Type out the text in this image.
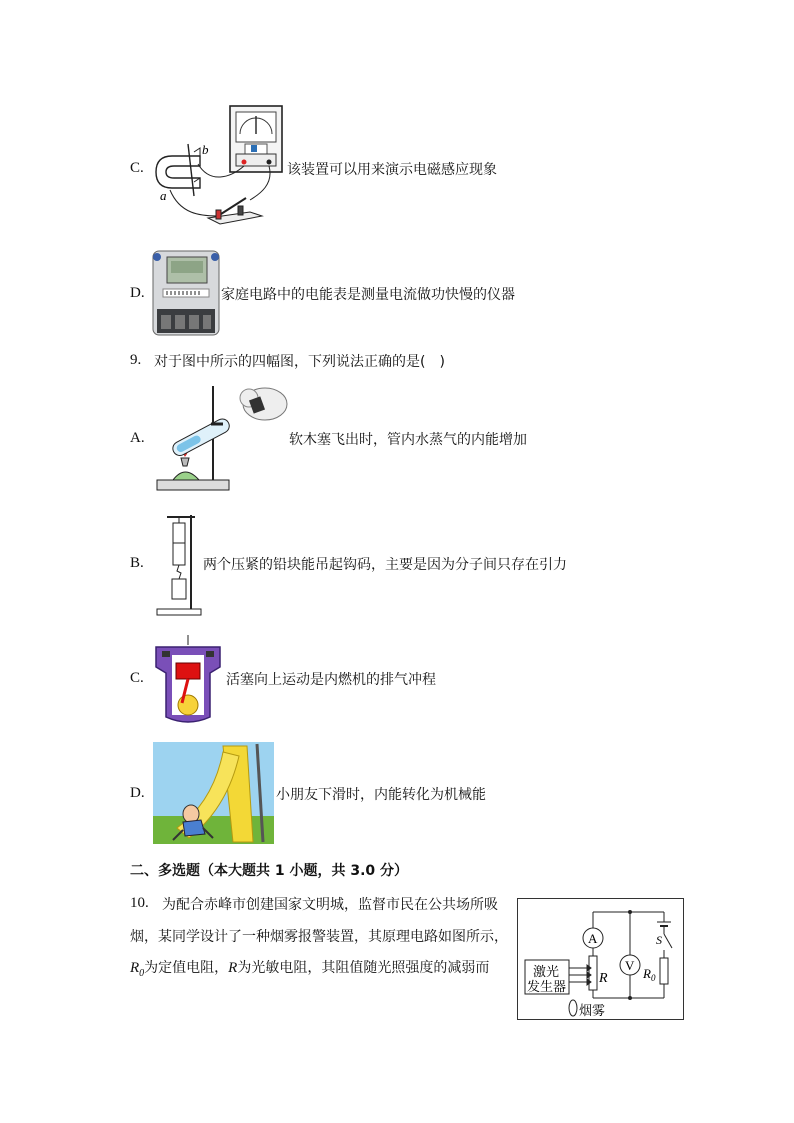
C.
b
a
该装置可以用来演示电磁感应现象
D.	家庭电路中的电能表是测量电流做功快慢的仪器
9. 对于图中所示的四幅图，下列说法正确的是(　)
A.	软木塞飞出时，管内水蒸气的内能增加
B.	两个压紧的铅块能吊起钩码，主要是因为分子间只存在引力
C.	活塞向上运动是内燃机的排气冲程
D.	小朋友下滑时，内能转化为机械能
二、多选题（本大题共 1 小题，共 3.0 分）
10. 为配合赤峰市创建国家文明城，监督市民在公共场所吸
烟，某同学设计了一种烟雾报警装置，其原理电路如图所示，
$R_0$为定值电阻，R为光敏电阻，其阻值随光照强度的减弱而
A
R
V
S
$R_0$
激光
发生器
烟雾
